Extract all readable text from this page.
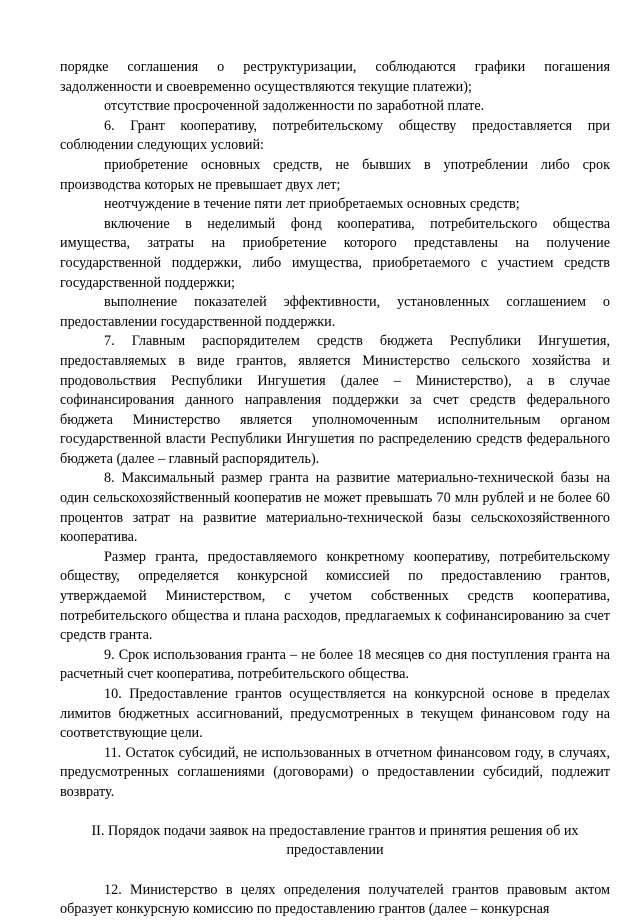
порядке соглашения о реструктуризации, соблюдаются графики погашения задолженности и своевременно осуществляются текущие платежи);

отсутствие просроченной задолженности по заработной плате.

6. Грант кооперативу, потребительскому обществу предоставляется при соблюдении следующих условий:

приобретение основных средств, не бывших в употреблении либо срок производства которых не превышает двух лет;

неотчуждение в течение пяти лет приобретаемых основных средств;

включение в неделимый фонд кооператива, потребительского общества имущества, затраты на приобретение которого представлены на получение государственной поддержки, либо имущества, приобретаемого с участием средств государственной поддержки;

выполнение показателей эффективности, установленных соглашением о предоставлении государственной поддержки.

7. Главным распорядителем средств бюджета Республики Ингушетия, предоставляемых в виде грантов, является Министерство сельского хозяйства и продовольствия Республики Ингушетия (далее – Министерство), а в случае софинансирования данного направления поддержки за счет средств федерального бюджета Министерство является уполномоченным исполнительным органом государственной власти Республики Ингушетия по распределению средств федерального бюджета (далее – главный распорядитель).

8. Максимальный размер гранта на развитие материально-технической базы на один сельскохозяйственный кооператив не может превышать 70 млн рублей и не более 60 процентов затрат на развитие материально-технической базы сельскохозяйственного кооператива.

Размер гранта, предоставляемого конкретному кооперативу, потребительскому обществу, определяется конкурсной комиссией по предоставлению грантов, утверждаемой Министерством, с учетом собственных средств кооператива, потребительского общества и плана расходов, предлагаемых к софинансированию за счет средств гранта.

9. Срок использования гранта – не более 18 месяцев со дня поступления гранта на расчетный счет кооператива, потребительского общества.

10. Предоставление грантов осуществляется на конкурсной основе в пределах лимитов бюджетных ассигнований, предусмотренных в текущем финансовом году на соответствующие цели.

11. Остаток субсидий, не использованных в отчетном финансовом году, в случаях, предусмотренных соглашениями (договорами) о предоставлении субсидий, подлежит возврату.

II. Порядок подачи заявок на предоставление грантов и принятия решения об их предоставлении

12. Министерство в целях определения получателей грантов правовым актом образует конкурсную комиссию по предоставлению грантов (далее – конкурсная
